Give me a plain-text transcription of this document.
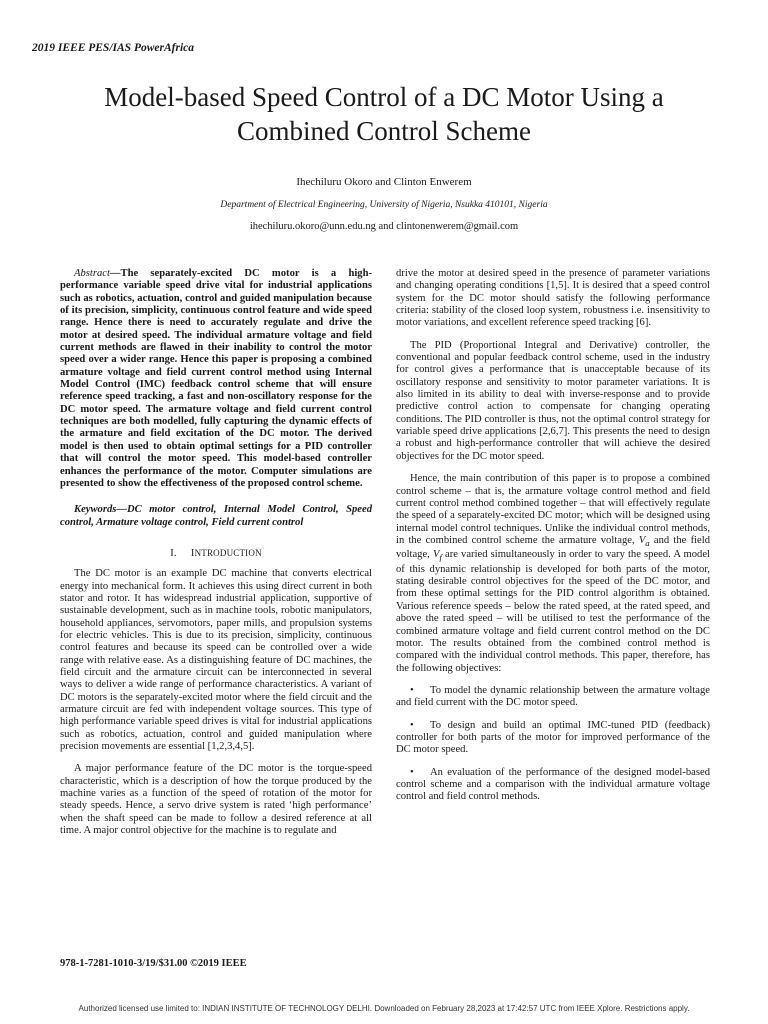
2019 IEEE PES/IAS PowerAfrica
Model-based Speed Control of a DC Motor Using a
Combined Control Scheme
Ihechiluru Okoro and Clinton Enwerem
Department of Electrical Engineering, University of Nigeria, Nsukka 410101, Nigeria
ihechiluru.okoro@unn.edu.ng and clintonenwerem@gmail.com
Abstract—The separately-excited DC motor is a high-performance variable speed drive vital for industrial applications such as robotics, actuation, control and guided manipulation because of its precision, simplicity, continuous control feature and wide speed range. Hence there is need to accurately regulate and drive the motor at desired speed. The individual armature voltage and field current methods are flawed in their inability to control the motor speed over a wider range. Hence this paper is proposing a combined armature voltage and field current control method using Internal Model Control (IMC) feedback control scheme that will ensure reference speed tracking, a fast and non-oscillatory response for the DC motor speed. The armature voltage and field current control techniques are both modelled, fully capturing the dynamic effects of the armature and field excitation of the DC motor. The derived model is then used to obtain optimal settings for a PID controller that will control the motor speed. This model-based controller enhances the performance of the motor. Computer simulations are presented to show the effectiveness of the proposed control scheme.
Keywords—DC motor control, Internal Model Control, Speed control, Armature voltage control, Field current control
I. INTRODUCTION

The DC motor is an example DC machine that converts electrical energy into mechanical form. It achieves this using direct current in both stator and rotor. It has widespread industrial application, supportive of sustainable development, such as in machine tools, robotic manipulators, household appliances, servomotors, paper mills, and propulsion systems for electric vehicles. This is due to its precision, simplicity, continuous control features and because its speed can be controlled over a wide range with relative ease. As a distinguishing feature of DC machines, the field circuit and the armature circuit can be interconnected in several ways to deliver a wide range of performance characteristics. A variant of DC motors is the separately-excited motor where the field circuit and the armature circuit are fed with independent voltage sources. This type of high performance variable speed drives is vital for industrial applications such as robotics, actuation, control and guided manipulation where precision movements are essential [1,2,3,4,5].

A major performance feature of the DC motor is the torque-speed characteristic, which is a description of how the torque produced by the machine varies as a function of the speed of rotation of the motor for steady speeds. Hence, a servo drive system is rated ‘high performance’ when the shaft speed can be made to follow a desired reference at all time. A major control objective for the machine is to regulate and

drive the motor at desired speed in the presence of parameter variations and changing operating conditions [1,5]. It is desired that a speed control system for the DC motor should satisfy the following performance criteria: stability of the closed loop system, robustness i.e. insensitivity to motor variations, and excellent reference speed tracking [6].

The PID (Proportional Integral and Derivative) controller, the conventional and popular feedback control scheme, used in the industry for control gives a performance that is unacceptable because of its oscillatory response and sensitivity to motor parameter variations. It is also limited in its ability to deal with inverse-response and to provide predictive control action to compensate for changing operating conditions. The PID controller is thus, not the optimal control strategy for variable speed drive applications [2,6,7]. This presents the need to design a robust and high-performance controller that will achieve the desired objectives for the DC motor speed.

Hence, the main contribution of this paper is to propose a combined control scheme – that is, the armature voltage control method and field current control method combined together – that will effectively regulate the speed of a separately-excited DC motor; which will be designed using internal model control techniques. Unlike the individual control methods, in the combined control scheme the armature voltage, $V_a$ and the field voltage, $V_f$ are varied simultaneously in order to vary the speed. A model of this dynamic relationship is developed for both parts of the motor, stating desirable control objectives for the speed of the DC motor, and from these optimal settings for the PID control algorithm is obtained. Various reference speeds – below the rated speed, at the rated speed, and above the rated speed – will be utilised to test the performance of the combined armature voltage and field current control method on the DC motor. The results obtained from the combined control method is compared with the individual control methods. This paper, therefore, has the following objectives:

• To model the dynamic relationship between the armature voltage and field current with the DC motor speed.

• To design and build an optimal IMC-tuned PID (feedback) controller for both parts of the motor for improved performance of the DC motor speed.

• An evaluation of the performance of the designed model-based control scheme and a comparison with the individual armature voltage control and field control methods.

978-1-7281-1010-3/19/$31.00 ©2019 IEEE
Authorized licensed use limited to: INDIAN INSTITUTE OF TECHNOLOGY DELHI. Downloaded on February 28,2023 at 17:42:57 UTC from IEEE Xplore. Restrictions apply.
